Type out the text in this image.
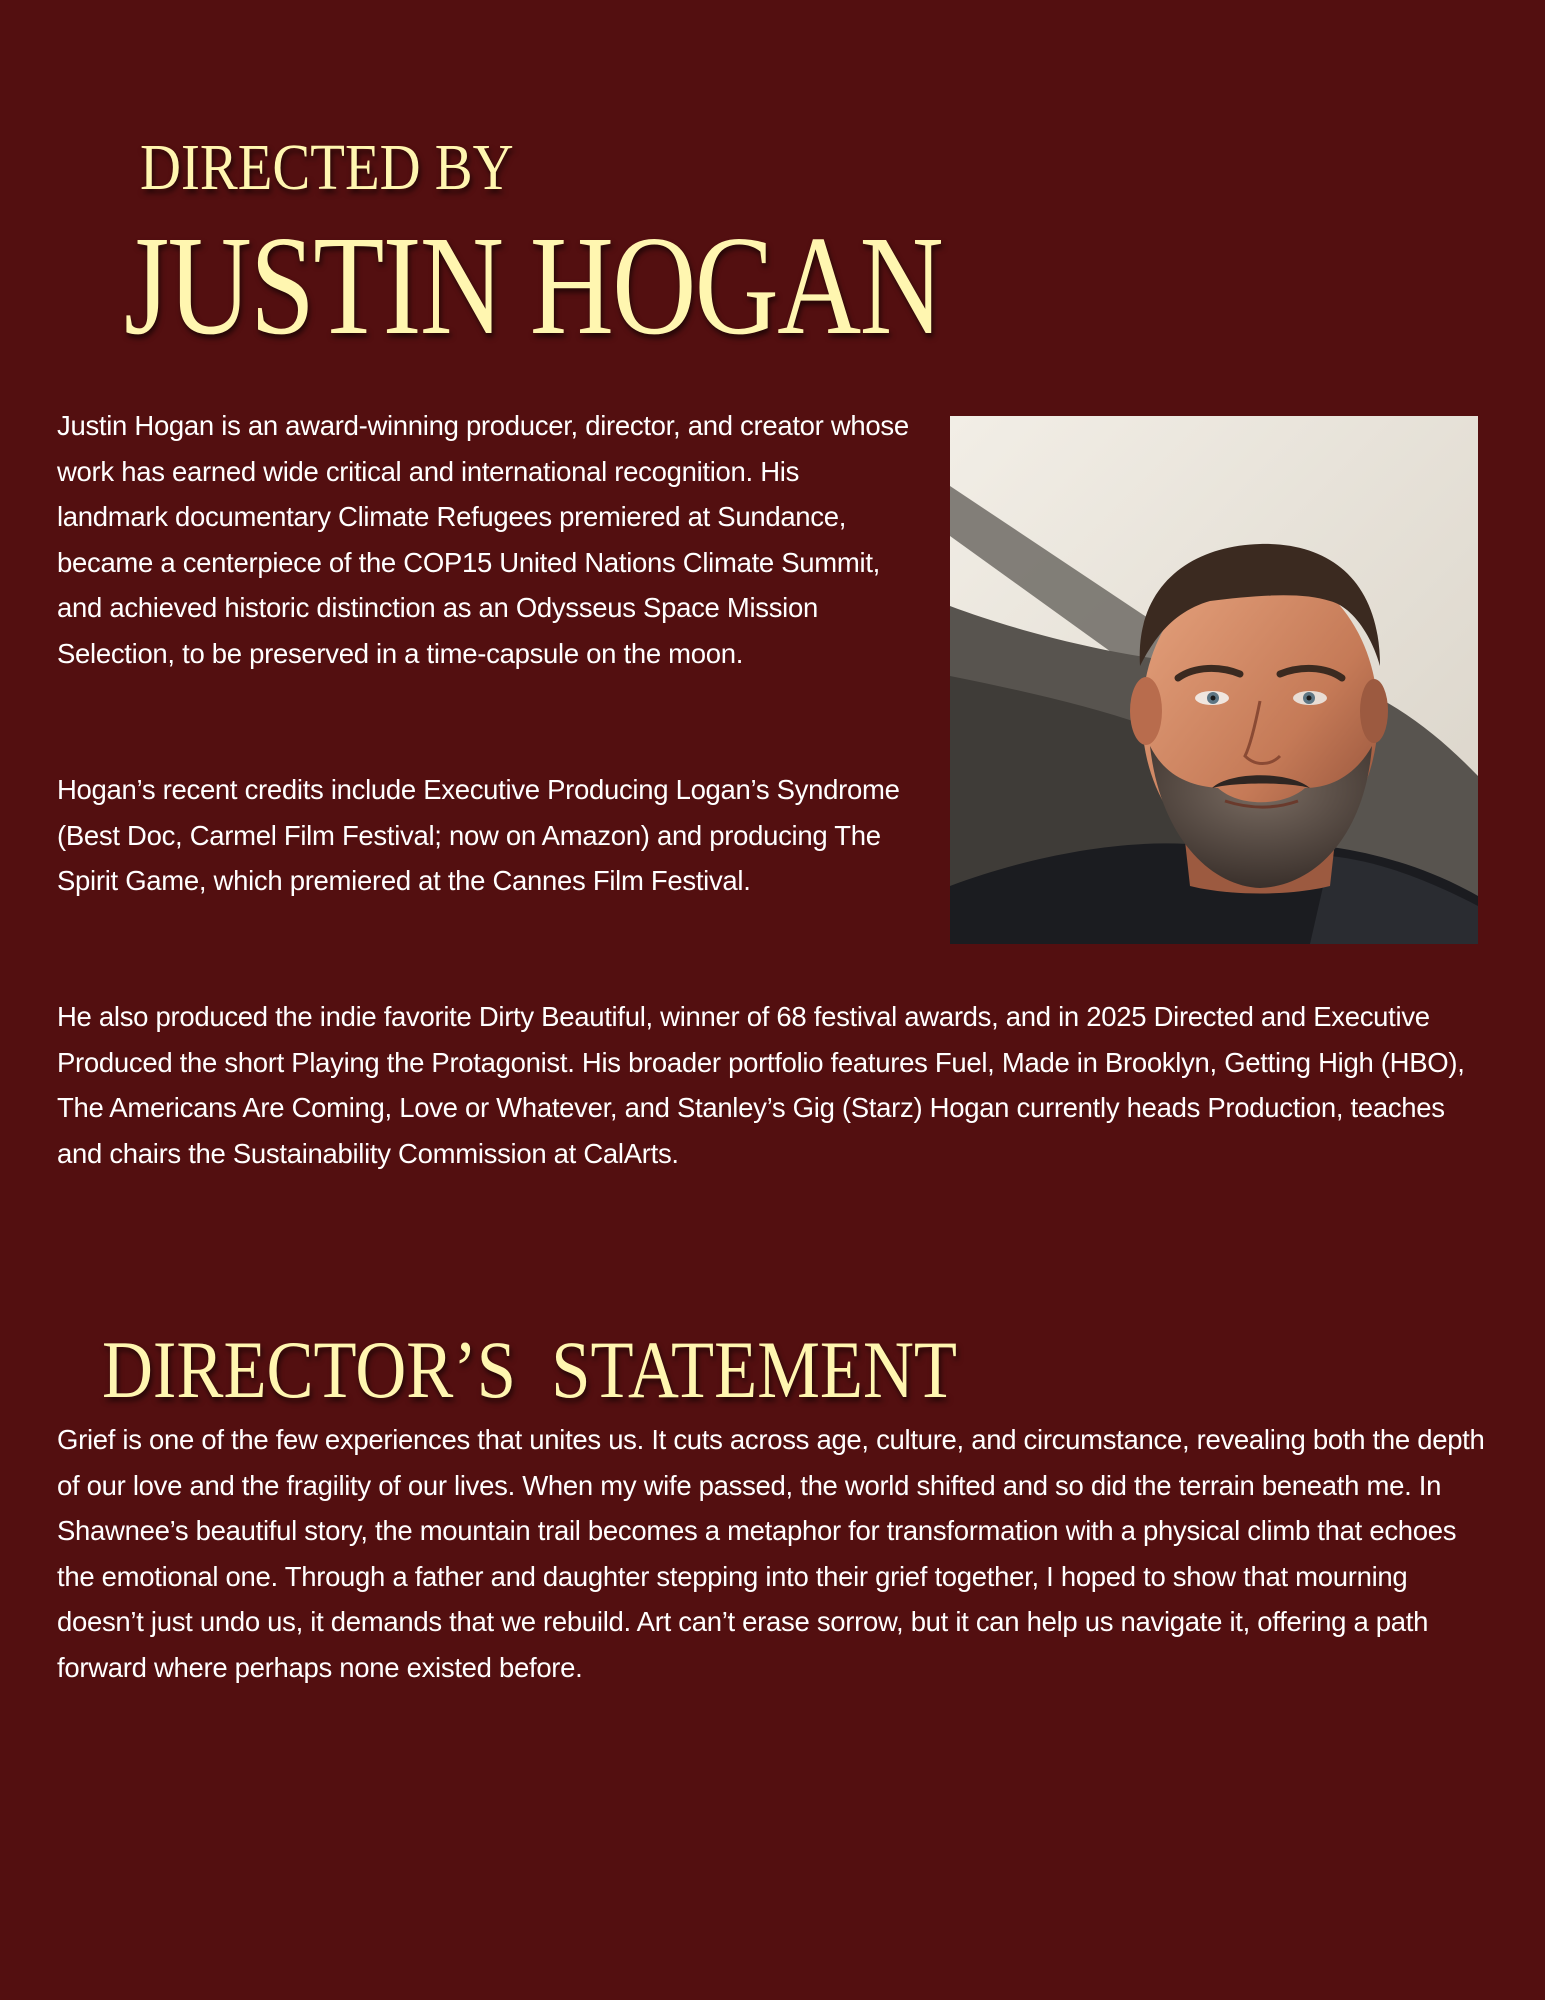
DIRECTED BY
JUSTIN HOGAN

Justin Hogan is an award-winning producer, director, and creator whose work has earned wide critical and international recognition. His landmark documentary Climate Refugees premiered at Sundance, became a centerpiece of the COP15 United Nations Climate Summit, and achieved historic distinction as an Odysseus Space Mission Selection, to be preserved in a time-capsule on the moon.

Hogan’s recent credits include Executive Producing Logan’s Syndrome (Best Doc, Carmel Film Festival; now on Amazon) and producing The Spirit Game, which premiered at the Cannes Film Festival.

He also produced the indie favorite Dirty Beautiful, winner of 68 festival awards, and in 2025 Directed and Executive Produced the short Playing the Protagonist. His broader portfolio features Fuel, Made in Brooklyn, Getting High (HBO), The Americans Are Coming, Love or Whatever, and Stanley’s Gig (Starz) Hogan currently heads Production, teaches and chairs the Sustainability Commission at CalArts.

DIRECTOR’S  STATEMENT

Grief is one of the few experiences that unites us. It cuts across age, culture, and circumstance, revealing both the depth of our love and the fragility of our lives. When my wife passed, the world shifted and so did the terrain beneath me. In Shawnee’s beautiful story, the mountain trail becomes a metaphor for transformation with a physical climb that echoes the emotional one. Through a father and daughter stepping into their grief together, I hoped to show that mourning doesn’t just undo us, it demands that we rebuild. Art can’t erase sorrow, but it can help us navigate it, offering a path forward where perhaps none existed before.
